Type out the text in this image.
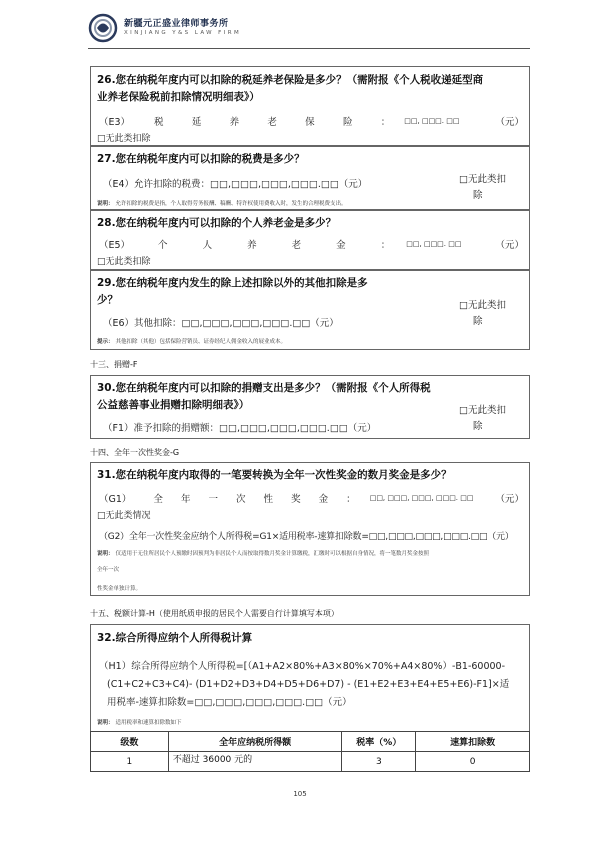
新疆元正盛业律师事务所
XINJIANG Y&S LAW FIRM
26.您在纳税年度内可以扣除的税延养老保险是多少？（需附报《个人税收递延型商
业养老保险税前扣除情况明细表》）
（E3）	税	延	养	老	保	险	： □□, □□□. □□	（元）
□无此类扣除
27.您在纳税年度内可以扣除的税费是多少？
（E4）允许扣除的税费：□□,□□□,□□□,□□□.□□（元）	□无此类扣
除
说明： 允许扣除的税费是指，个人取得劳务报酬、稿酬、特许权使用费收入时，发生的合理税费支出。
28.您在纳税年度内可以扣除的个人养老金是多少？
（E5）	个	人	养	老	金	： □□, □□□. □□	（元）
□无此类扣除
29.您在纳税年度内发生的除上述扣除以外的其他扣除是多
少？
（E6）其他扣除：□□,□□□,□□□,□□□.□□（元）
□无此类扣
除
提示： 其他扣除（其他）包括保险营销员、证券经纪人佣金收入的展业成本。
十三、捐赠-F
30.您在纳税年度内可以扣除的捐赠支出是多少？（需附报《个人所得税
公益慈善事业捐赠扣除明细表》）
（F1）准予扣除的捐赠额：□□,□□□,□□□,□□□.□□（元）
□无此类扣
除
十四、全年一次性奖金-G
31.您在纳税年度内取得的一笔要转换为全年一次性奖金的数月奖金是多少？
（G1） 全 年 一 次 性 奖 金 ： □□, □□□, □□□, □□□. □□ （元）
□无此类情况
（G2）全年一次性奖金应纳个人所得税=G1×适用税率-速算扣除数=□□,□□□,□□□,□□□.□□（元）
说明： 仅适用于无住所居民个人预缴时因预判为非居民个人而按取得数月奖金计算缴税，汇缴时可以根据自身情况，将一笔数月奖金按照
全年一次
性奖金单独计算。
十五、税额计算-H（使用纸质申报的居民个人需要自行计算填写本项）
32.综合所得应纳个人所得税计算
（H1）综合所得应纳个人所得税=[（A1+A2×80%+A3×80%×70%+A4×80%）-B1-60000-
(C1+C2+C3+C4)- (D1+D2+D3+D4+D5+D6+D7) - (E1+E2+E3+E4+E5+E6)-F1]×适
用税率-速算扣除数=□□,□□□,□□□,□□□.□□（元）
说明： 适用税率和速算扣除数如下
级数	全年应纳税所得额	税率（%）	速算扣除数
1	不超过 36000 元的	3	0
105
